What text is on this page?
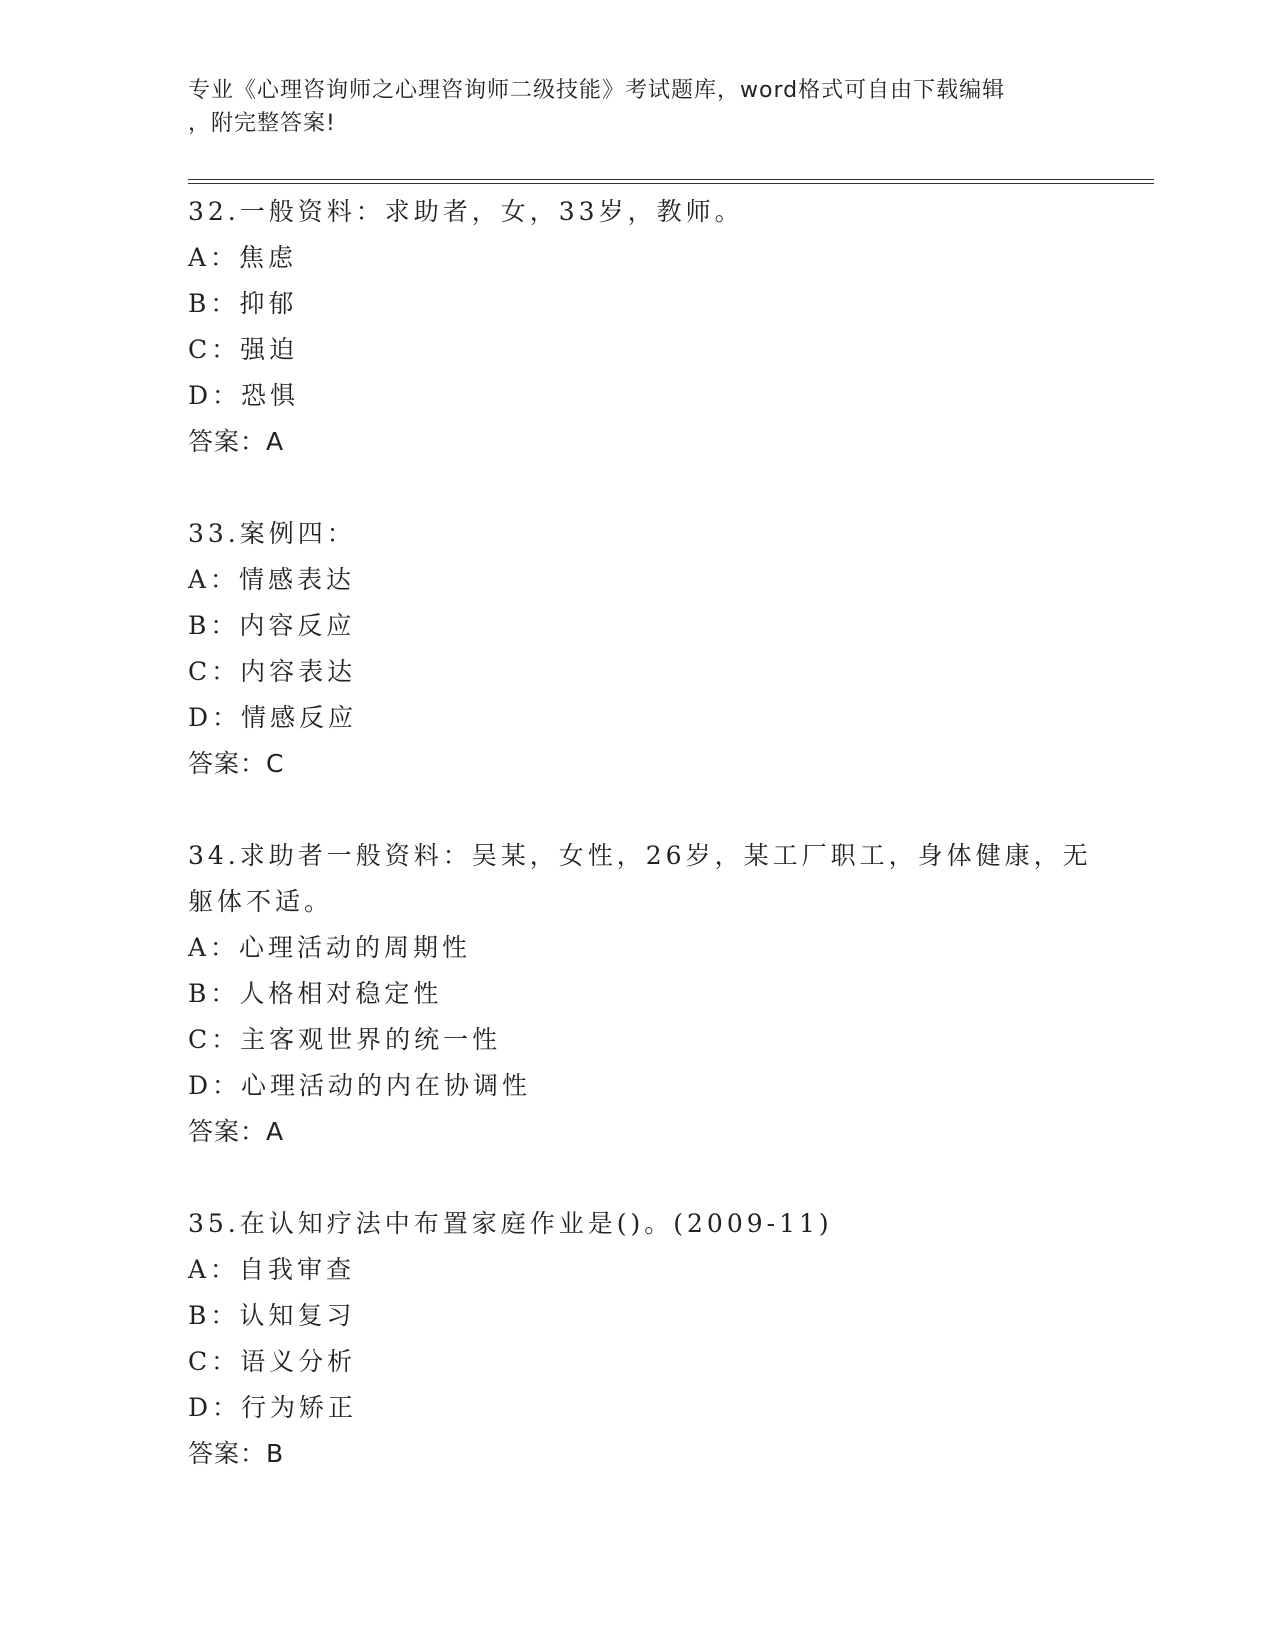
专业《心理咨询师之心理咨询师二级技能》考试题库，word格式可自由下载编辑
，附完整答案!
32.一般资料：求助者，女，33岁，教师。
A：焦虑
B：抑郁
C：强迫
D：恐惧
答案：A
33.案例四：
A：情感表达
B：内容反应
C：内容表达
D：情感反应
答案：C
34.求助者一般资料：吴某，女性，26岁，某工厂职工，身体健康，无
躯体不适。
A：心理活动的周期性
B：人格相对稳定性
C：主客观世界的统一性
D：心理活动的内在协调性
答案：A
35.在认知疗法中布置家庭作业是()。(2009-11)
A：自我审查
B：认知复习
C：语义分析
D：行为矫正
答案：B
